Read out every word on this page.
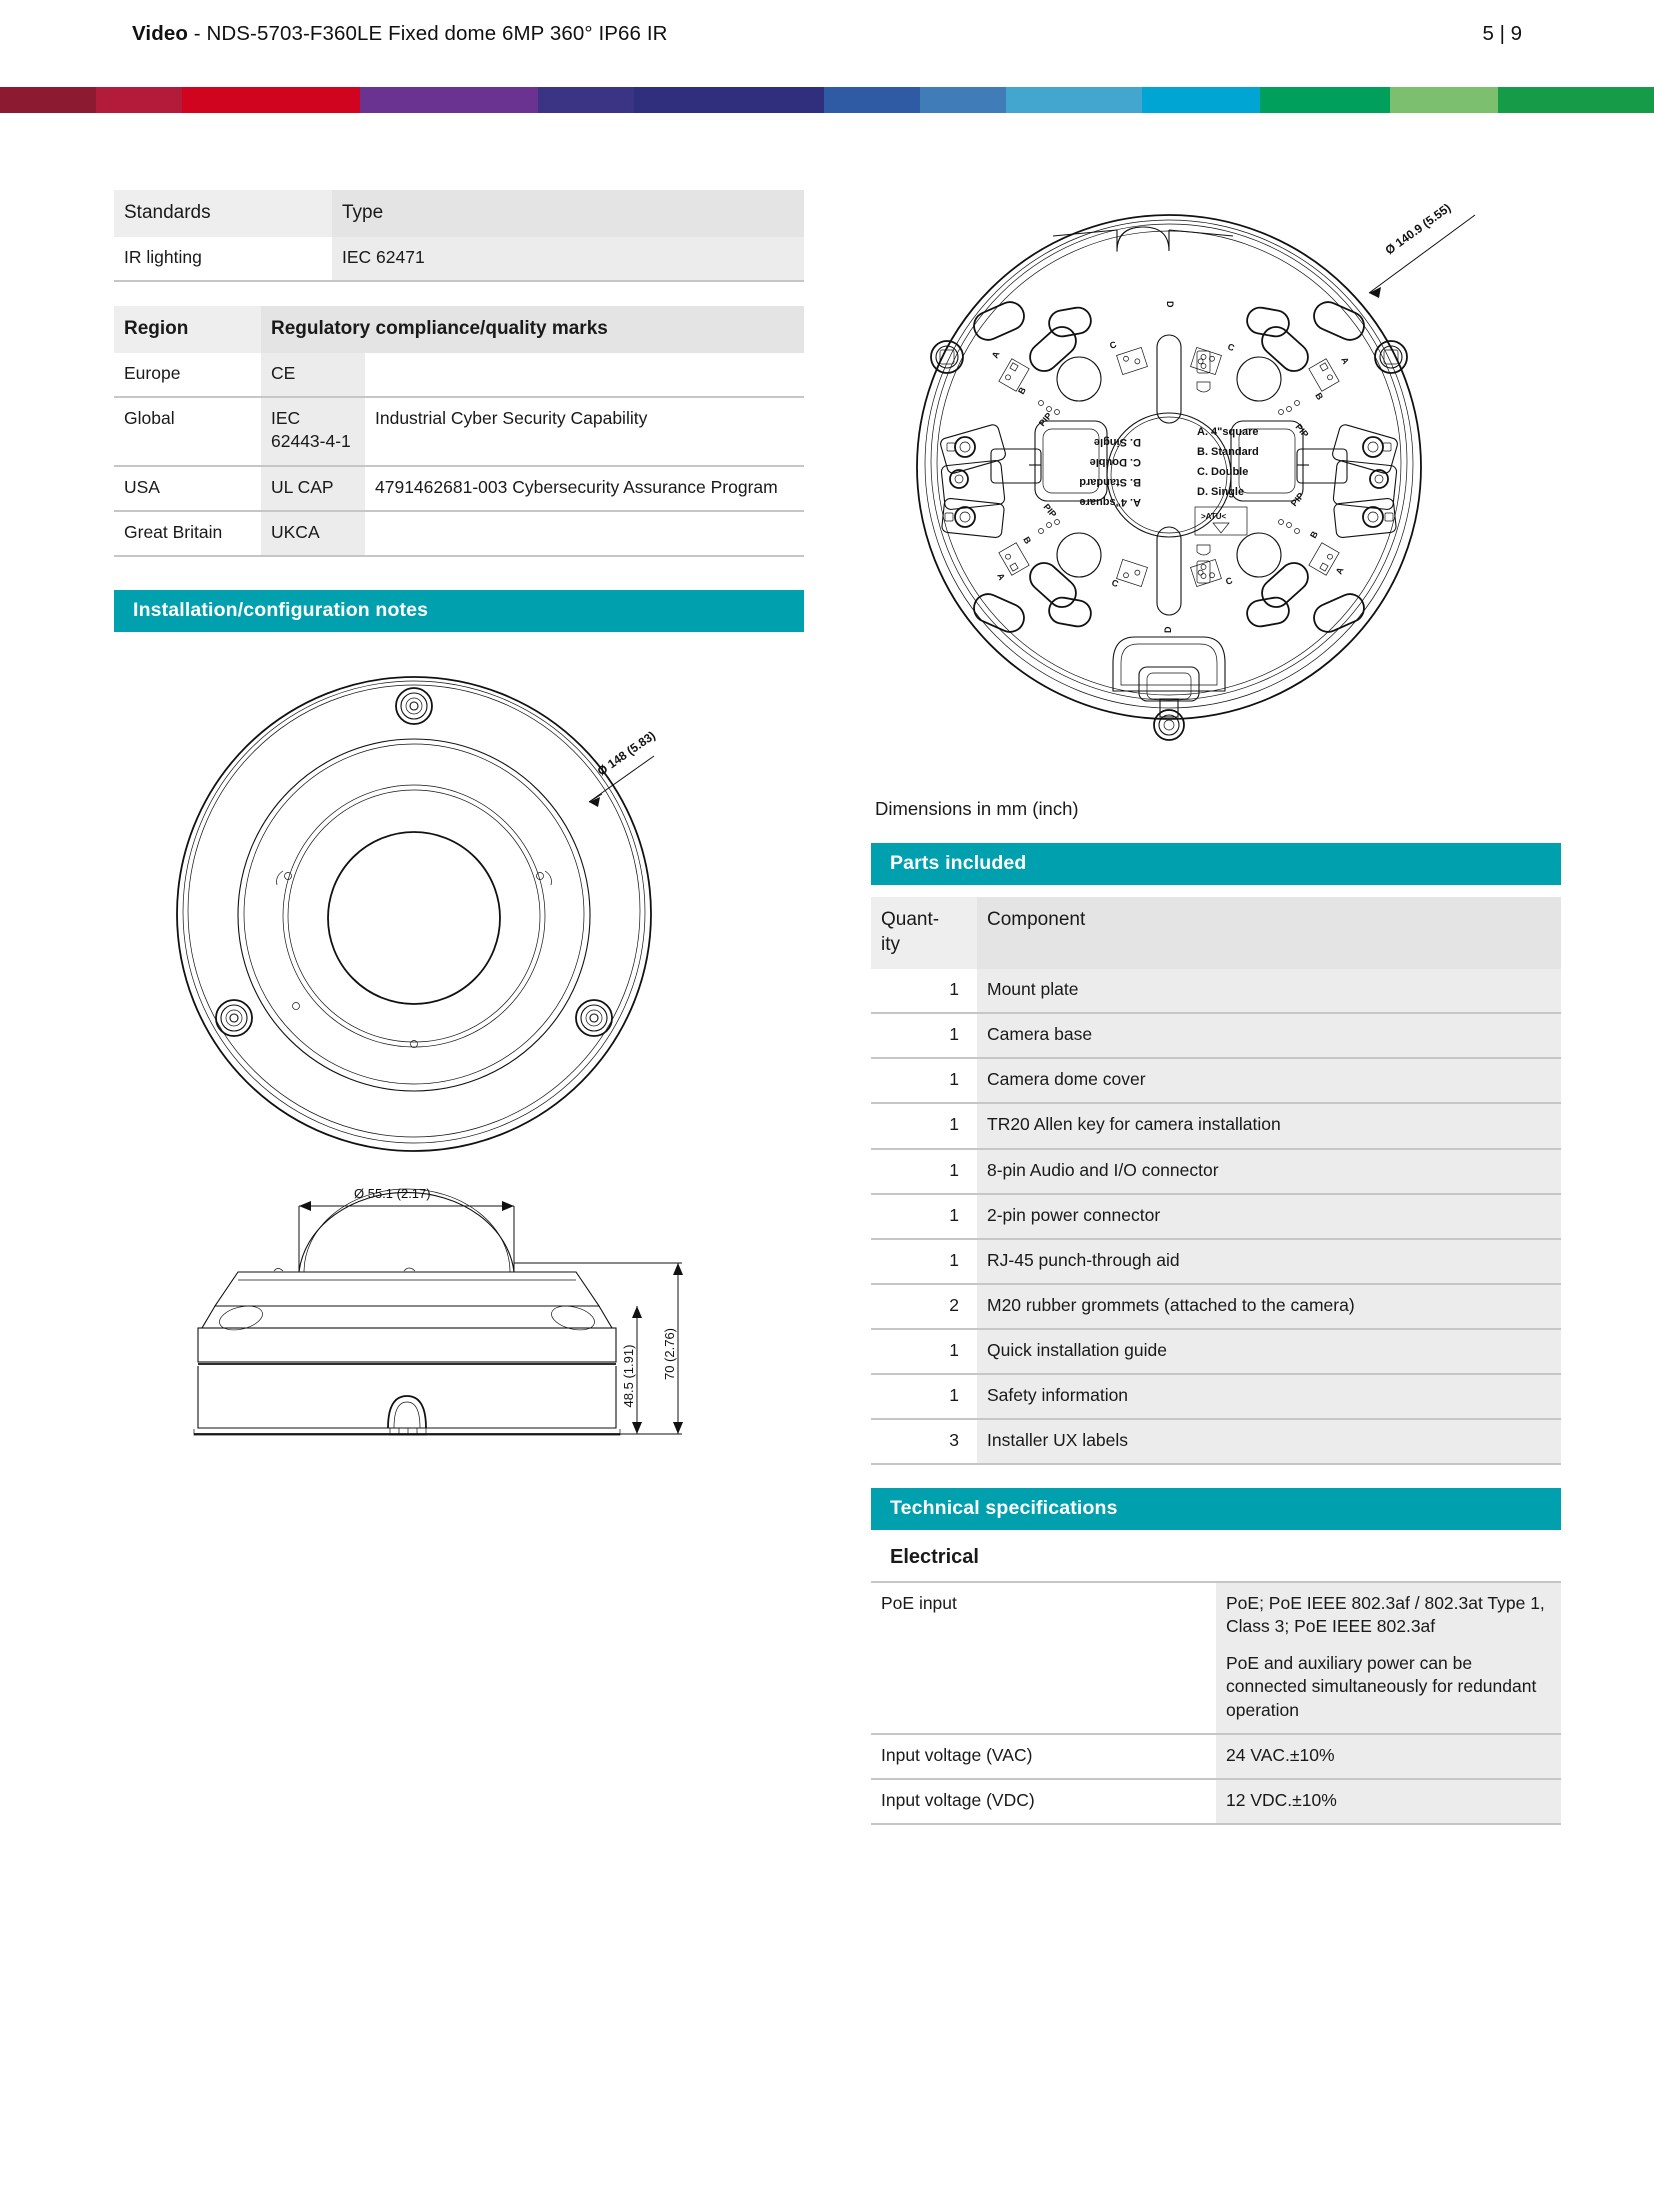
Video - NDS-5703-F360LE Fixed dome 6MP 360° IP66 IR	5 | 9
Standards	Type
IR lighting	IEC 62471
Region	Regulatory compliance/quality marks	
Europe	CE	
Global	IEC 62443-4-1	Industrial Cyber Security Capability
USA	UL CAP	4791462681-003 Cybersecurity Assurance Program
Great Britain	UKCA	
Installation/configuration notes
Ø 148 (5.83)
Ø 55.1 (2.17)
48.5 (1.91) 70 (2.76)
A
B
PIP
C
A
B
PIP
C
A
B
PIP
C
A
B
PIP
C
A. 4"square
B. Standard
C. Double
D. Single
>ATU<
A. 4"square
B. Standard
C. Double
D. Single
D
D
Ø 140.9 (5.55)
Dimensions in mm (inch)
Parts included
Quant-
ity	Component
1	Mount plate
1	Camera base
1	Camera dome cover
1	TR20 Allen key for camera installation
1	8-pin Audio and I/O connector
1	2-pin power connector
1	RJ-45 punch-through aid
2	M20 rubber grommets (attached to the camera)
1	Quick installation guide
1	Safety information
3	Installer UX labels
Technical specifications
Electrical
PoE input	PoE; PoE IEEE 802.3af / 802.3at Type 1, Class 3; PoE IEEE 802.3af
PoE and auxiliary power can be connected simultaneously for redundant operation

Input voltage (VAC)	24 VAC.±10%
Input voltage (VDC)	12 VDC.±10%
